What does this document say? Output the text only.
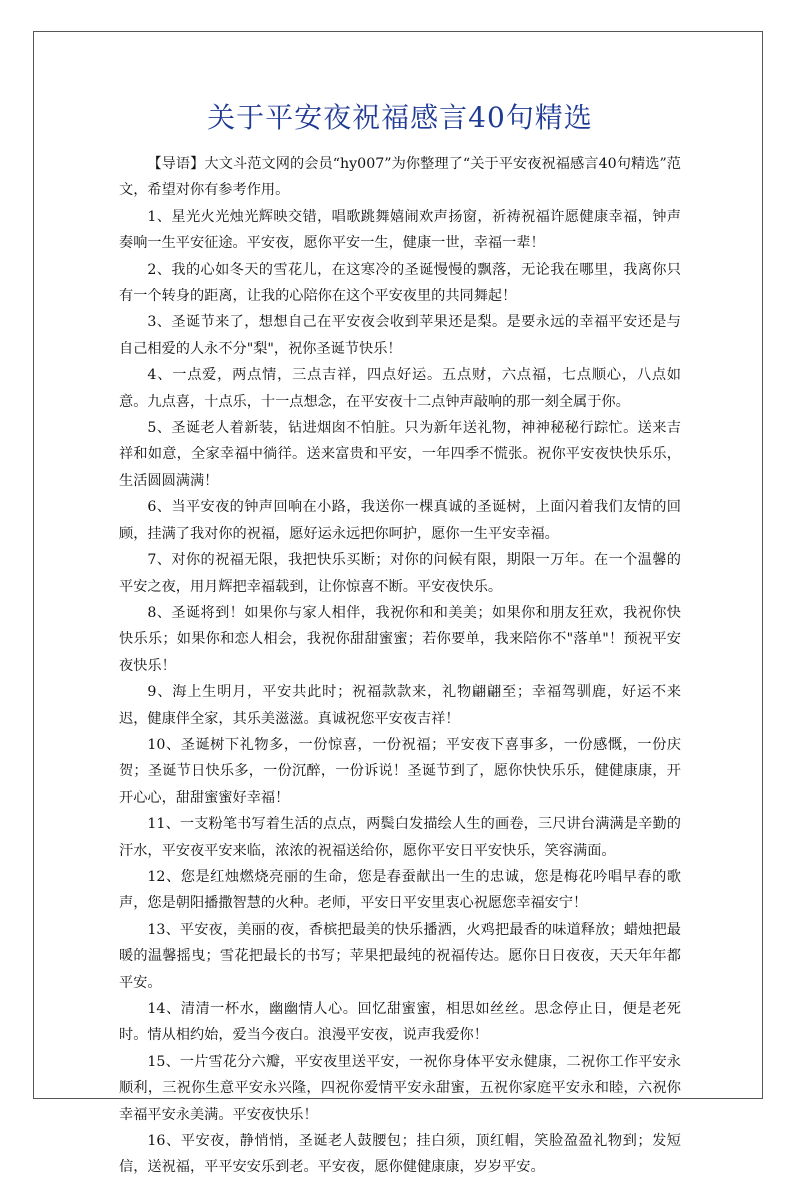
关于平安夜祝福感言40句精选

【导语】大文斗范文网的会员“hy007”为你整理了“关于平安夜祝福感言40句精选”范文，希望对你有参考作用。

1、星光火光烛光辉映交错，唱歌跳舞嬉闹欢声扬窗，祈祷祝福许愿健康幸福，钟声奏响一生平安征途。平安夜，愿你平安一生，健康一世，幸福一辈！

2、我的心如冬天的雪花儿，在这寒冷的圣诞慢慢的飘落，无论我在哪里，我离你只有一个转身的距离，让我的心陪你在这个平安夜里的共同舞起！

3、圣诞节来了，想想自己在平安夜会收到苹果还是梨。是要永远的幸福平安还是与自己相爱的人永不分"梨"，祝你圣诞节快乐！

4、一点爱，两点情，三点吉祥，四点好运。五点财，六点福，七点顺心，八点如意。九点喜，十点乐，十一点想念，在平安夜十二点钟声敲响的那一刻全属于你。

5、圣诞老人着新装，钻进烟囱不怕脏。只为新年送礼物，神神秘秘行踪忙。送来吉祥和如意，全家幸福中徜徉。送来富贵和平安，一年四季不慌张。祝你平安夜快快乐乐，生活圆圆满满！

6、当平安夜的钟声回响在小路，我送你一棵真诚的圣诞树，上面闪着我们友情的回顾，挂满了我对你的祝福，愿好运永远把你呵护，愿你一生平安幸福。

7、对你的祝福无限，我把快乐买断；对你的问候有限，期限一万年。在一个温馨的平安之夜，用月辉把幸福载到，让你惊喜不断。平安夜快乐。

8、圣诞将到！如果你与家人相伴，我祝你和和美美；如果你和朋友狂欢，我祝你快快乐乐；如果你和恋人相会，我祝你甜甜蜜蜜；若你要单，我来陪你不"落单"！预祝平安夜快乐！

9、海上生明月，平安共此时；祝福款款来，礼物翩翩至；幸福驾驯鹿，好运不来迟，健康伴全家，其乐美滋滋。真诚祝您平安夜吉祥！

10、圣诞树下礼物多，一份惊喜，一份祝福；平安夜下喜事多，一份感慨，一份庆贺；圣诞节日快乐多，一份沉醉，一份诉说！圣诞节到了，愿你快快乐乐，健健康康，开开心心，甜甜蜜蜜好幸福！

11、一支粉笔书写着生活的点点，两鬓白发描绘人生的画卷，三尺讲台满满是辛勤的汗水，平安夜平安来临，浓浓的祝福送给你，愿你平安日平安快乐，笑容满面。

12、您是红烛燃烧亮丽的生命，您是春蚕献出一生的忠诚，您是梅花吟唱早春的歌声，您是朝阳播撒智慧的火种。老师，平安日平安里衷心祝愿您幸福安宁！

13、平安夜，美丽的夜，香槟把最美的快乐播洒，火鸡把最香的味道释放；蜡烛把最暖的温馨摇曳；雪花把最长的书写；苹果把最纯的祝福传达。愿你日日夜夜，天天年年都平安。

14、清清一杯水，幽幽情人心。回忆甜蜜蜜，相思如丝丝。思念停止日，便是老死时。情从相约始，爱当今夜白。浪漫平安夜，说声我爱你！

15、一片雪花分六瓣，平安夜里送平安，一祝你身体平安永健康，二祝你工作平安永顺利，三祝你生意平安永兴隆，四祝你爱情平安永甜蜜，五祝你家庭平安永和睦，六祝你幸福平安永美满。平安夜快乐！

16、平安夜，静悄悄，圣诞老人鼓腰包；挂白须，顶红帽，笑脸盈盈礼物到；发短信，送祝福，平平安安乐到老。平安夜，愿你健健康康，岁岁平安。
